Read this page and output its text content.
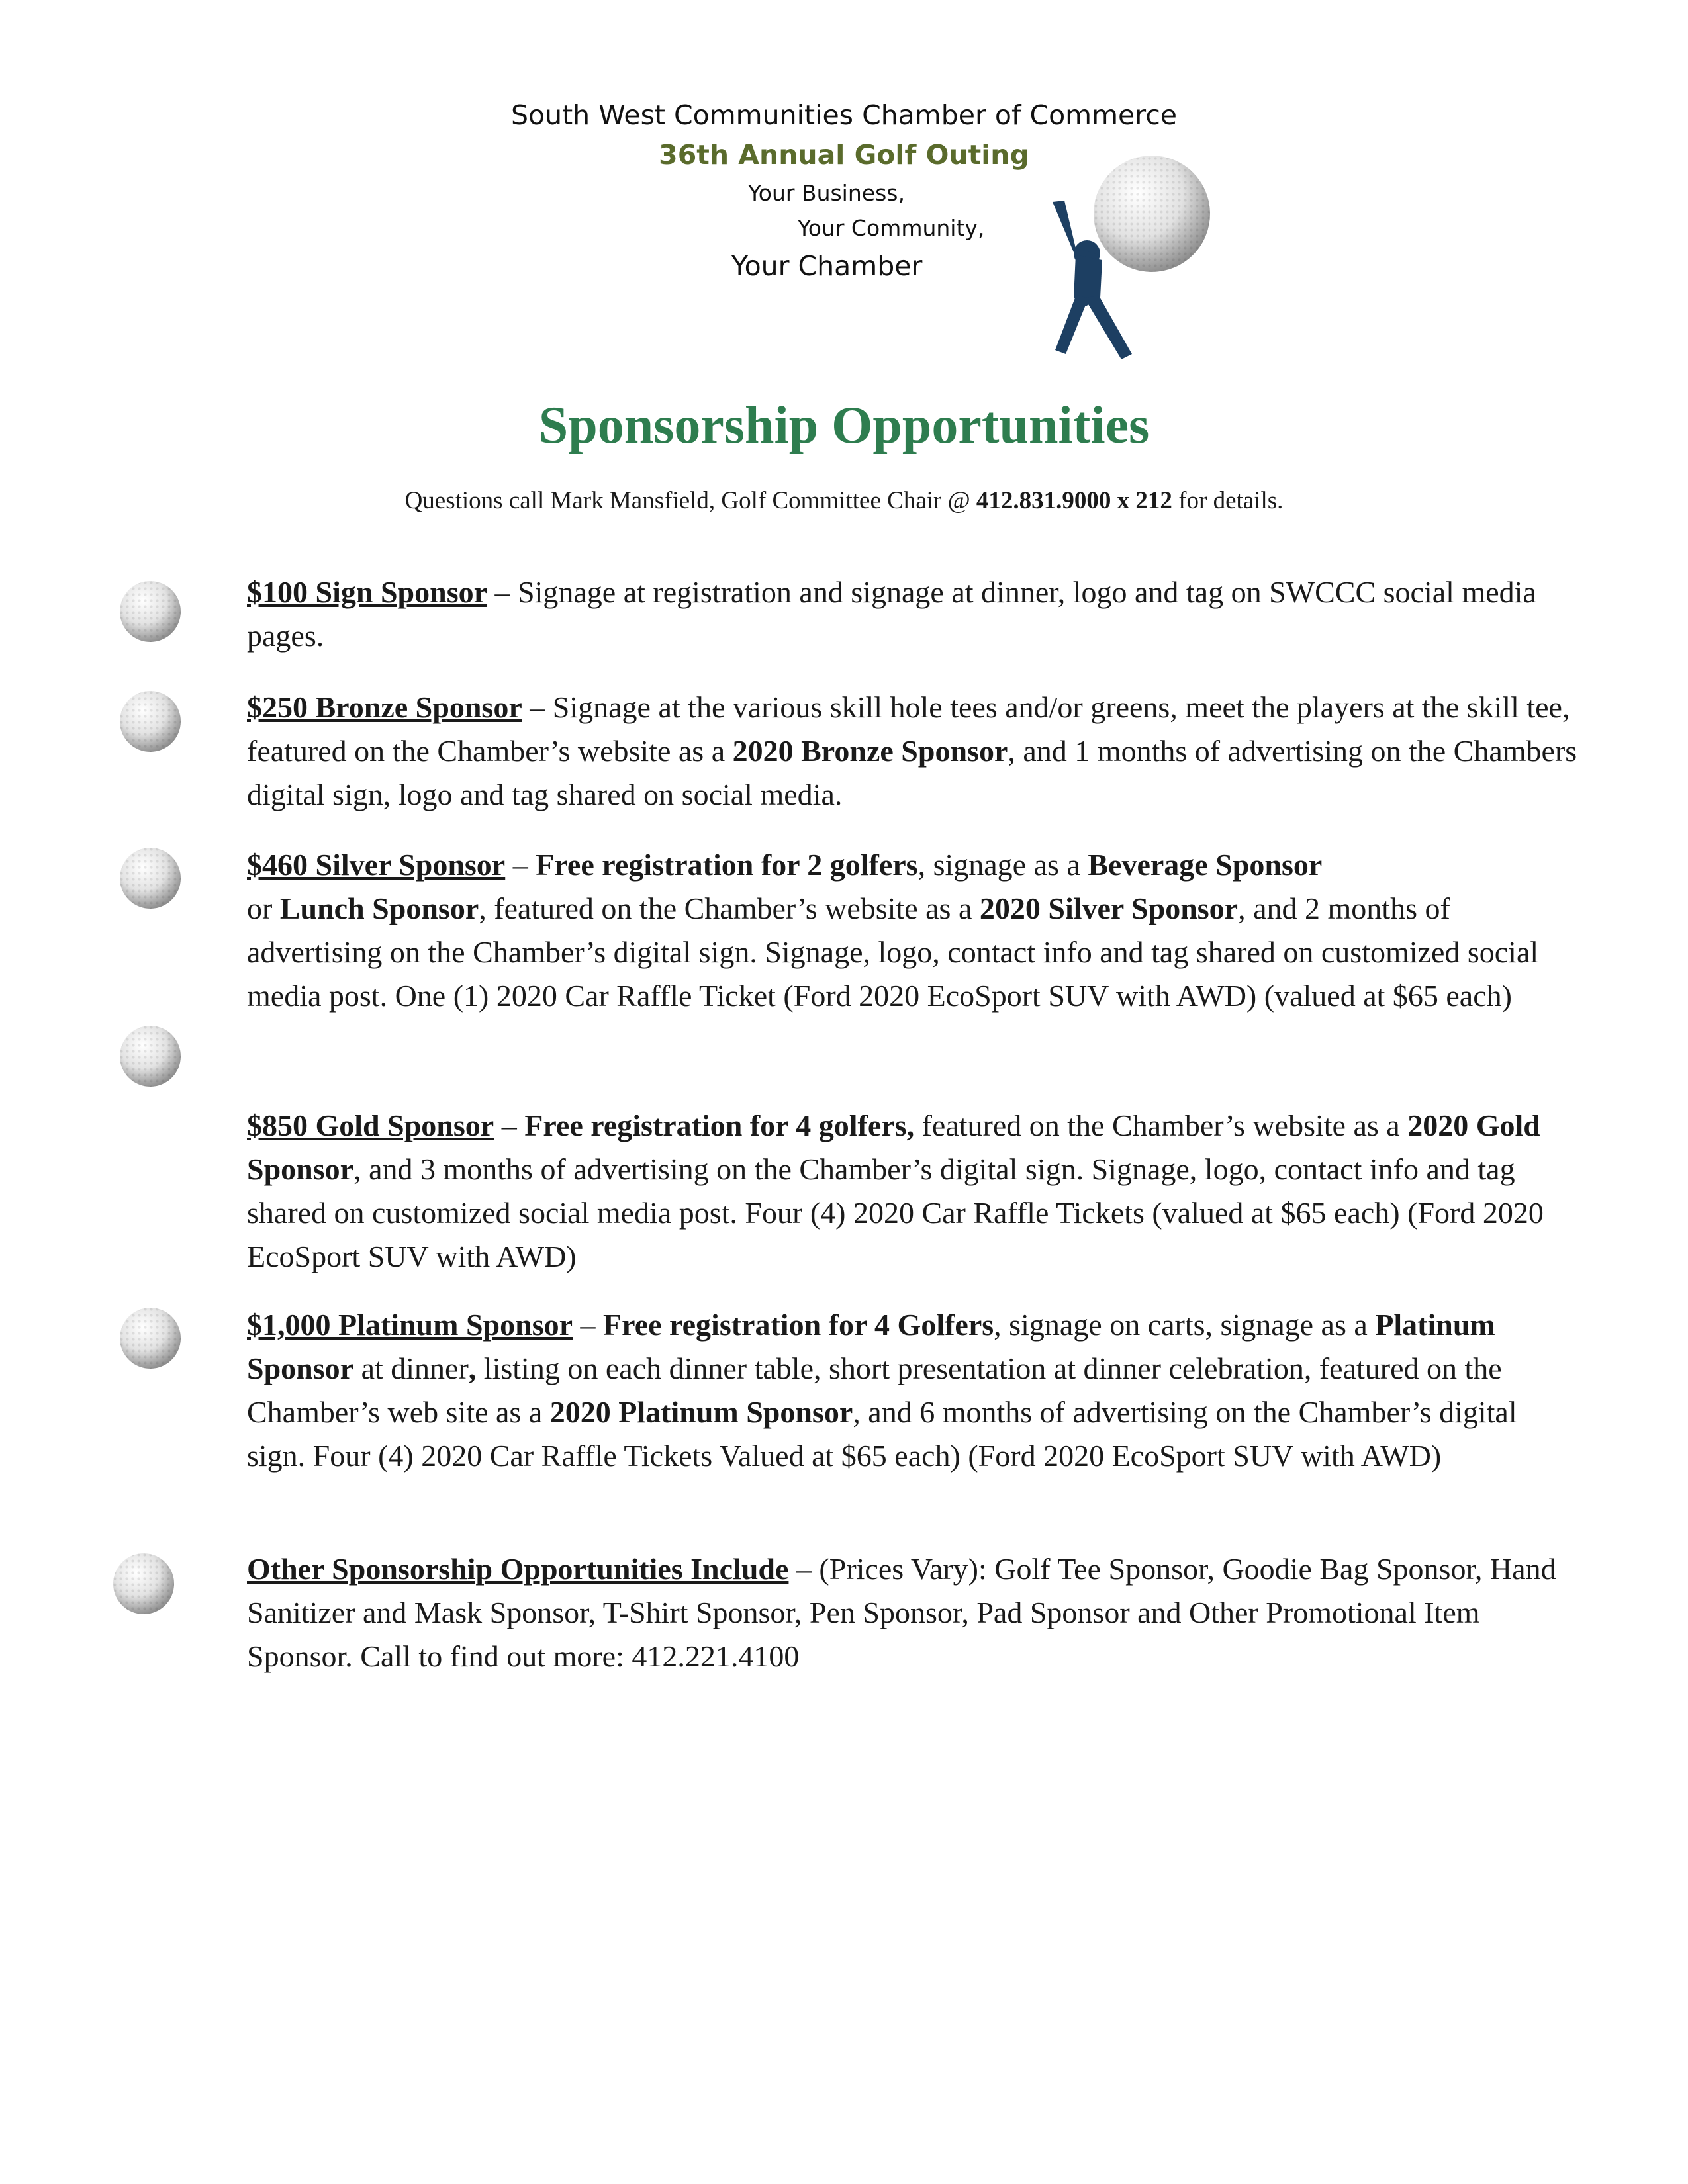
South West Communities Chamber of Commerce
36th Annual Golf Outing
Your Business,
Your Community,
Your Chamber
Sponsorship Opportunities
Questions call Mark Mansfield, Golf Committee Chair @ 412.831.9000 x 212 for details.
$100 Sign Sponsor – Signage at registration and signage at dinner, logo and tag on SWCCC social media pages.
$250 Bronze Sponsor – Signage at the various skill hole tees and/or greens, meet the players at the skill tee, featured on the Chamber’s website as a 2020 Bronze Sponsor, and 1 months of advertising on the Chambers digital sign, logo and tag shared on social media.
$460 Silver Sponsor – Free registration for 2 golfers, signage as a Beverage Sponsor
or Lunch Sponsor, featured on the Chamber’s website as a 2020 Silver Sponsor, and 2 months of advertising on the Chamber’s digital sign. Signage, logo, contact info and tag shared on customized social media post. One (1) 2020 Car Raffle Ticket (Ford 2020 EcoSport SUV with AWD) (valued at $65 each)
$850 Gold Sponsor – Free registration for 4 golfers, featured on the Chamber’s website as a 2020 Gold Sponsor, and 3 months of advertising on the Chamber’s digital sign. Signage, logo, contact info and tag shared on customized social media post. Four (4) 2020 Car Raffle Tickets (valued at $65 each) (Ford 2020 EcoSport SUV with AWD)
$1,000 Platinum Sponsor – Free registration for 4 Golfers, signage on carts, signage as a Platinum Sponsor at dinner, listing on each dinner table, short presentation at dinner celebration, featured on the Chamber’s web site as a 2020 Platinum Sponsor, and 6 months of advertising on the Chamber’s digital sign. Four (4) 2020 Car Raffle Tickets Valued at $65 each) (Ford 2020 EcoSport SUV with AWD)
Other Sponsorship Opportunities Include – (Prices Vary): Golf Tee Sponsor, Goodie Bag Sponsor, Hand Sanitizer and Mask Sponsor, T-Shirt Sponsor, Pen Sponsor, Pad Sponsor and Other Promotional Item Sponsor. Call to find out more: 412.221.4100
